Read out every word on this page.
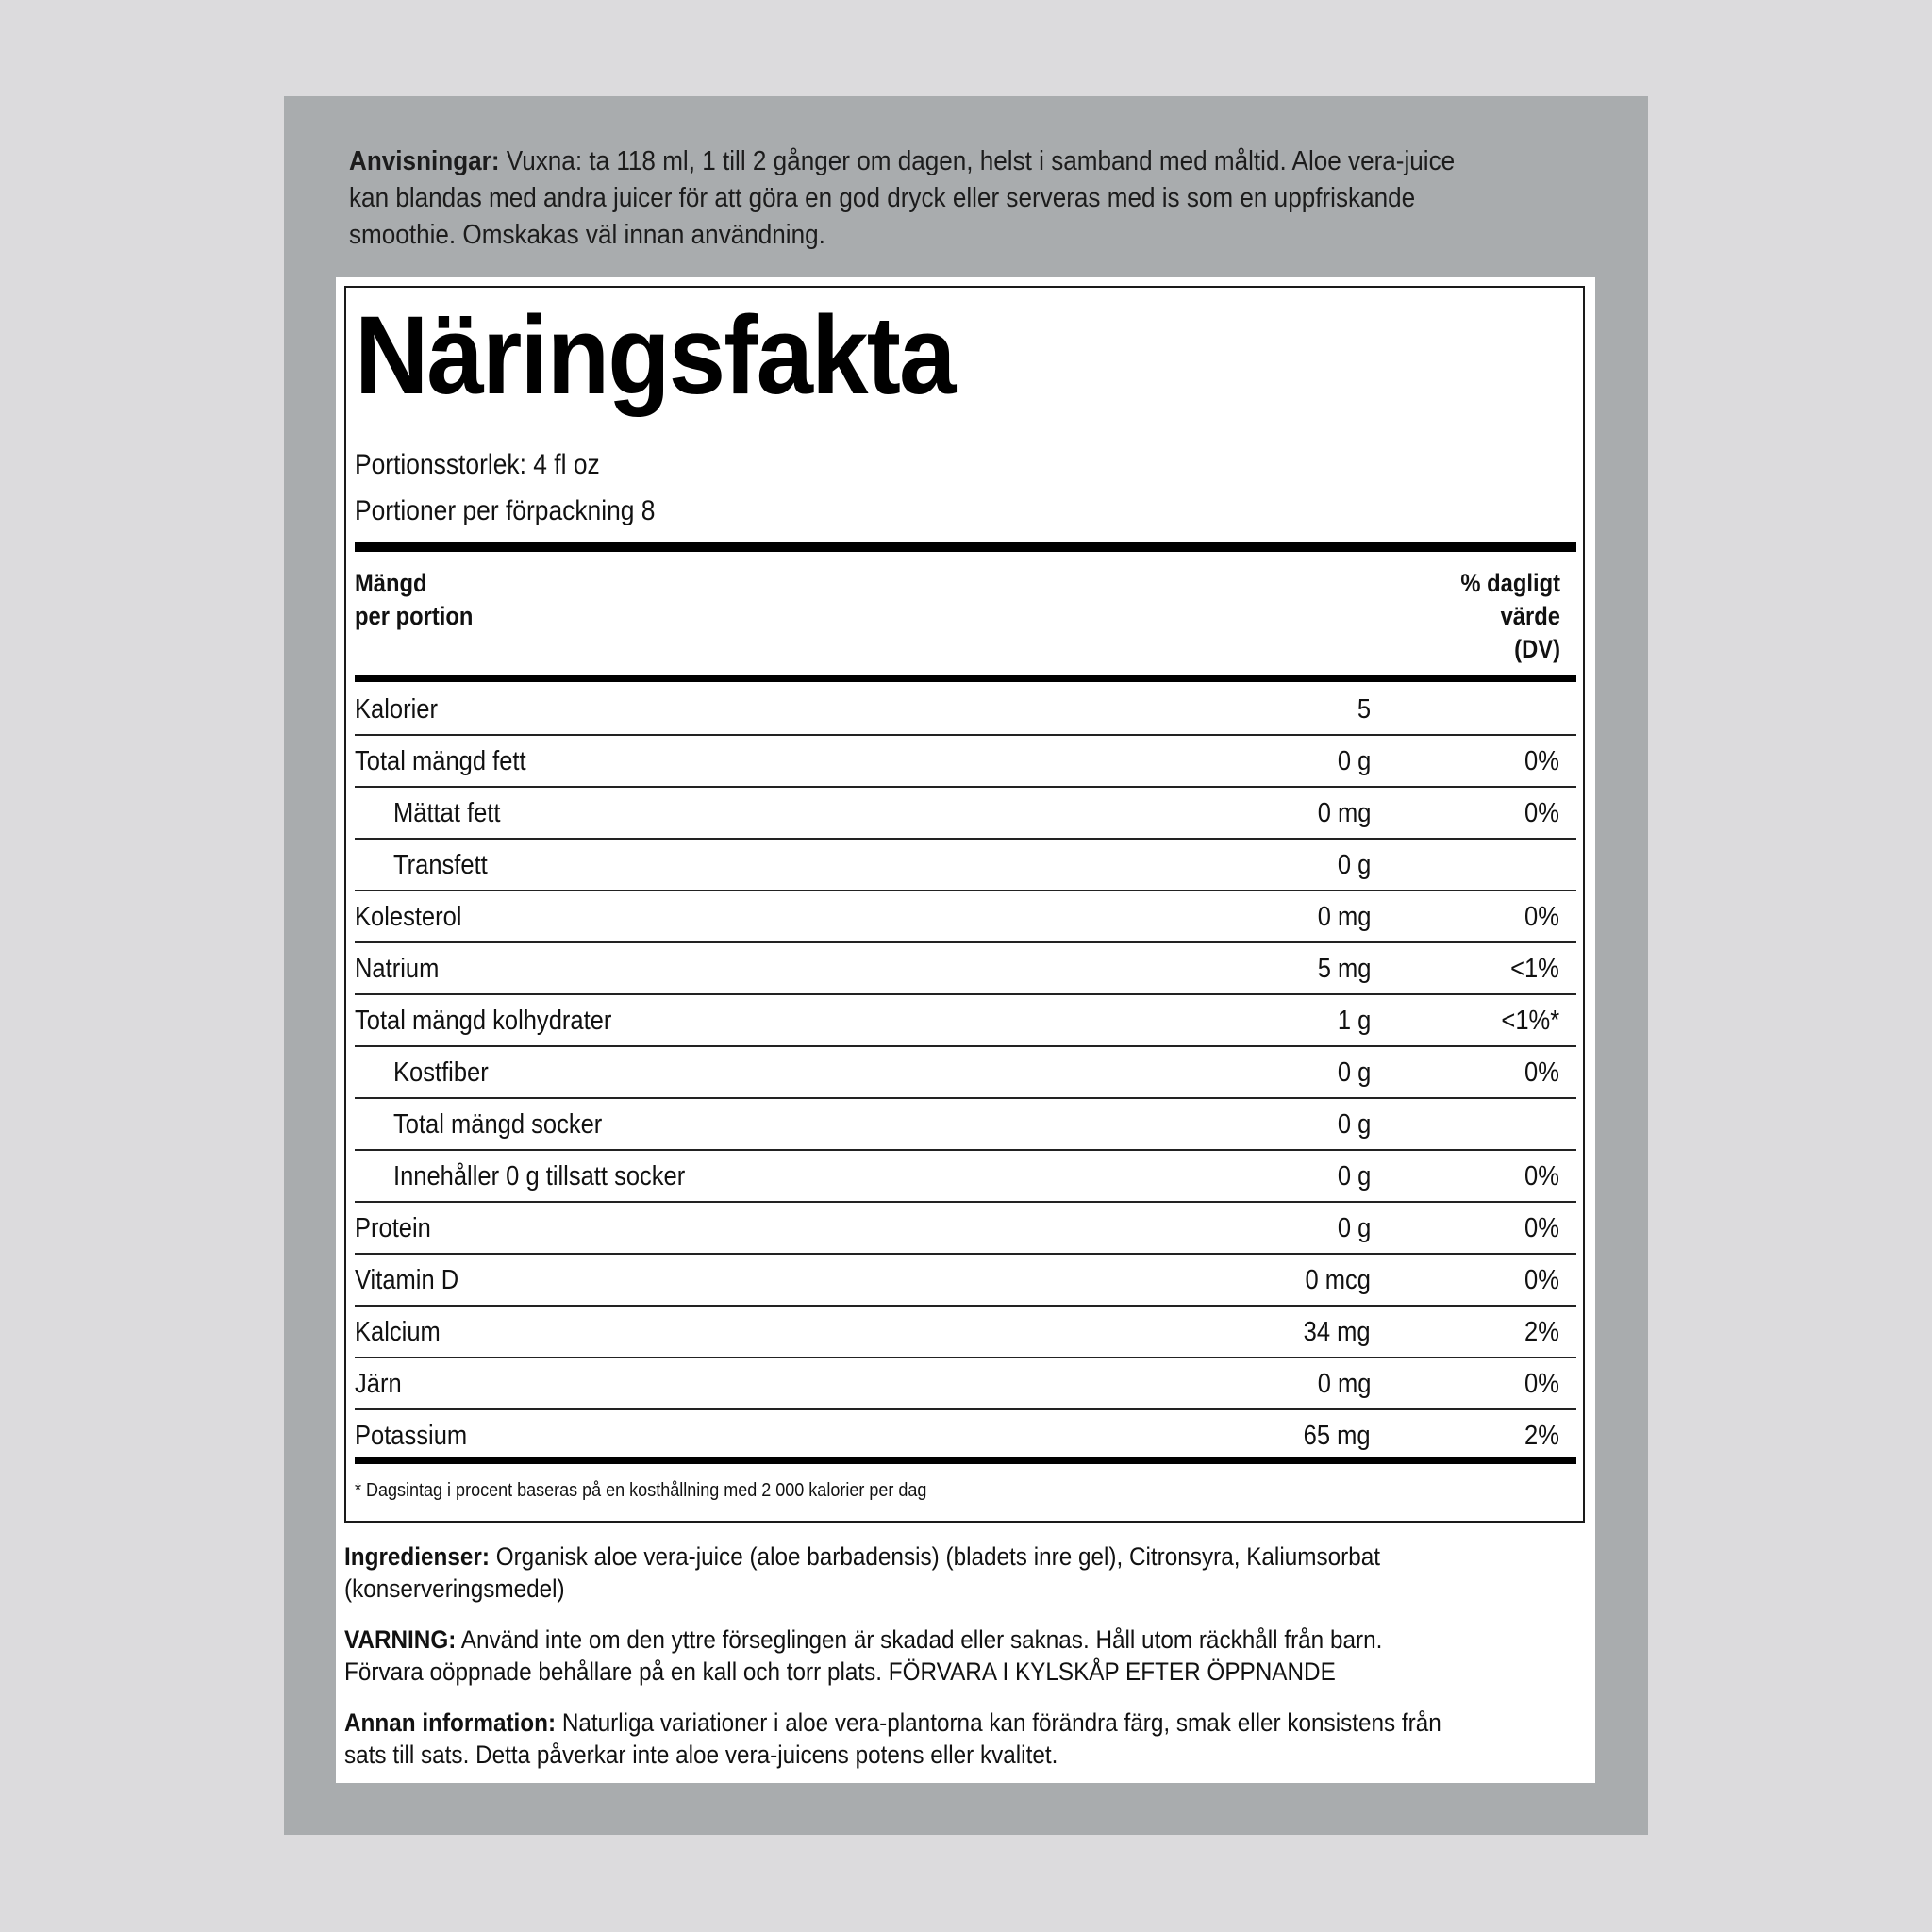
Anvisningar: Vuxna: ta 118 ml, 1 till 2 gånger om dagen, helst i samband med måltid. Aloe vera-juice kan blandas med andra juicer för att göra en god dryck eller serveras med is som en uppfriskande smoothie. Omskakas väl innan användning.
Näringsfakta
Portionsstorlek: 4 fl oz
Portioner per förpackning 8
Mängd
per portion
% dagligt
värde
(DV)
Kalorier	5
Total mängd fett	0 g	0%
Mättat fett	0 mg	0%
Transfett	0 g
Kolesterol	0 mg	0%
Natrium	5 mg	<1%
Total mängd kolhydrater	1 g	<1%*
Kostfiber	0 g	0%
Total mängd socker	0 g
Innehåller 0 g tillsatt socker	0 g	0%
Protein	0 g	0%
Vitamin D	0 mcg	0%
Kalcium	34 mg	2%
Järn	0 mg	0%
Potassium	65 mg	2%
* Dagsintag i procent baseras på en kosthållning med 2 000 kalorier per dag
Ingredienser: Organisk aloe vera-juice (aloe barbadensis) (bladets inre gel), Citronsyra, Kaliumsorbat (konserveringsmedel)
VARNING: Använd inte om den yttre förseglingen är skadad eller saknas. Håll utom räckhåll från barn. Förvara oöppnade behållare på en kall och torr plats. FÖRVARA I KYLSKÅP EFTER ÖPPNANDE
Annan information: Naturliga variationer i aloe vera-plantorna kan förändra färg, smak eller konsistens från sats till sats. Detta påverkar inte aloe vera-juicens potens eller kvalitet.
